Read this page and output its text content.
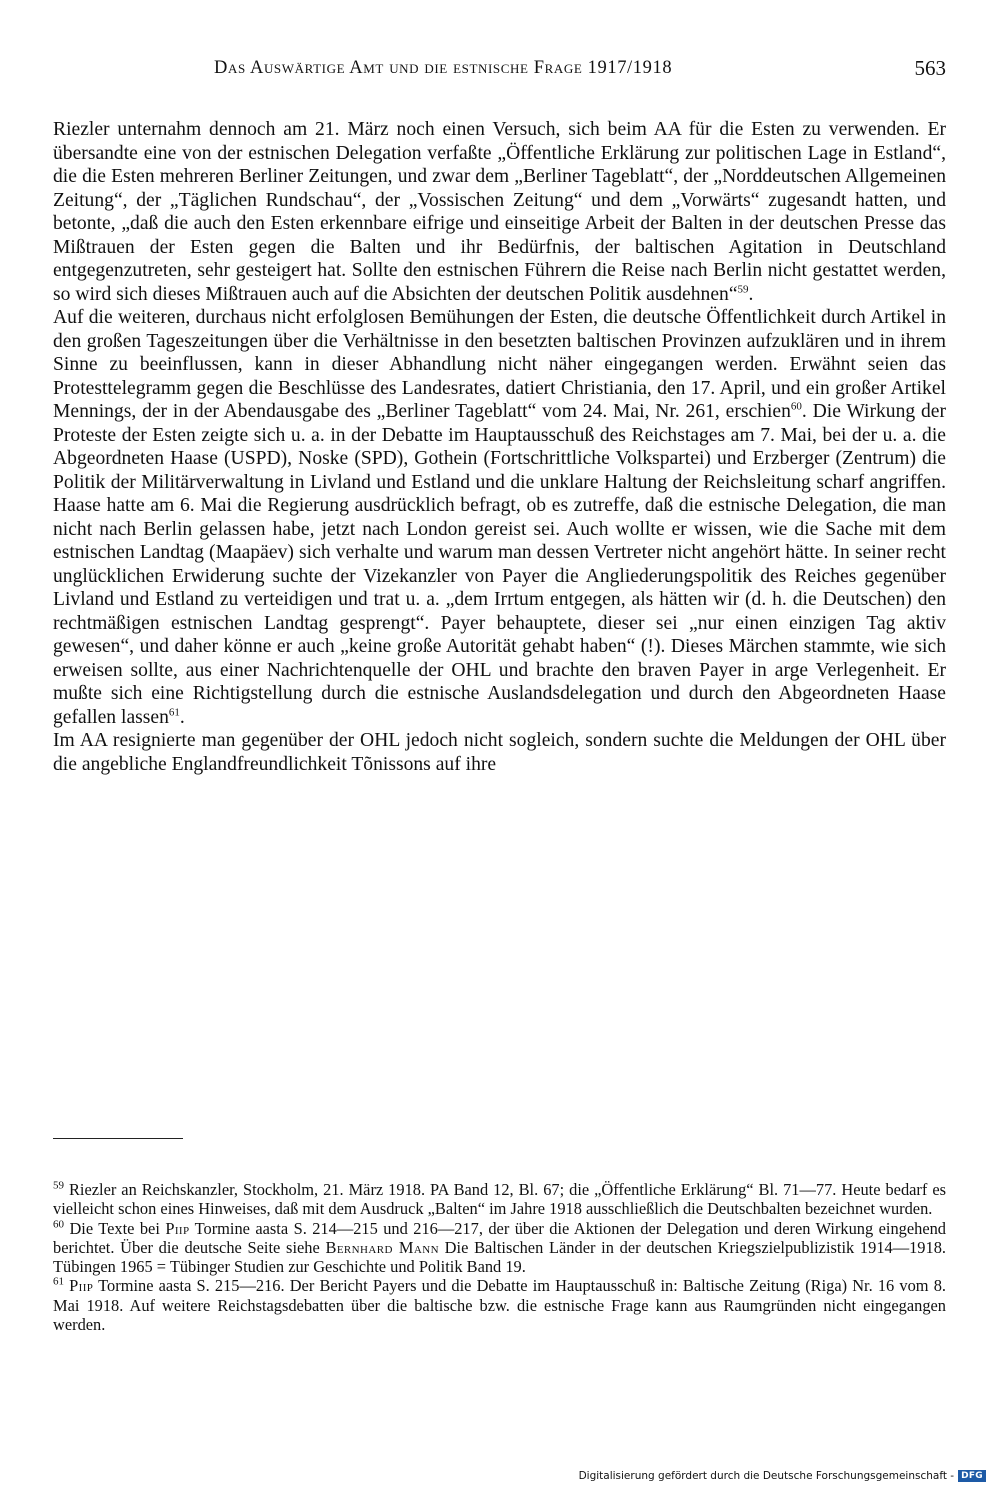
Das Auswärtige Amt und die estnische Frage 1917/1918	563

Riezler unternahm dennoch am 21. März noch einen Versuch, sich beim AA für die Esten zu verwenden. Er übersandte eine von der estnischen Delegation verfaßte „Öffentliche Erklärung zur politischen Lage in Estland“, die die Esten mehreren Berliner Zeitungen, und zwar dem „Berliner Tageblatt“, der „Norddeutschen Allgemeinen Zeitung“, der „Täglichen Rundschau“, der „Vossischen Zeitung“ und dem „Vorwärts“ zugesandt hatten, und betonte, „daß die auch den Esten erkennbare eifrige und einseitige Arbeit der Balten in der deutschen Presse das Mißtrauen der Esten gegen die Balten und ihr Bedürfnis, der baltischen Agitation in Deutschland entgegenzutreten, sehr gesteigert hat. Sollte den estnischen Führern die Reise nach Berlin nicht gestattet werden, so wird sich dieses Mißtrauen auch auf die Absichten der deutschen Politik ausdehnen“$^{59}$.

Auf die weiteren, durchaus nicht erfolglosen Bemühungen der Esten, die deutsche Öffentlichkeit durch Artikel in den großen Tageszeitungen über die Verhältnisse in den besetzten baltischen Provinzen aufzuklären und in ihrem Sinne zu beeinflussen, kann in dieser Abhandlung nicht näher eingegangen werden. Erwähnt seien das Protesttelegramm gegen die Beschlüsse des Landesrates, datiert Christiania, den 17. April, und ein großer Artikel Mennings, der in der Abendausgabe des „Berliner Tageblatt“ vom 24. Mai, Nr. 261, erschien$^{60}$. Die Wirkung der Proteste der Esten zeigte sich u. a. in der Debatte im Hauptausschuß des Reichstages am 7. Mai, bei der u. a. die Abgeordneten Haase (USPD), Noske (SPD), Gothein (Fortschrittliche Volkspartei) und Erzberger (Zentrum) die Politik der Militärverwaltung in Livland und Estland und die unklare Haltung der Reichsleitung scharf angriffen. Haase hatte am 6. Mai die Regierung ausdrücklich befragt, ob es zutreffe, daß die estnische Delegation, die man nicht nach Berlin gelassen habe, jetzt nach London gereist sei. Auch wollte er wissen, wie die Sache mit dem estnischen Landtag (Maapäev) sich verhalte und warum man dessen Vertreter nicht angehört hätte. In seiner recht unglücklichen Erwiderung suchte der Vizekanzler von Payer die Angliederungspolitik des Reiches gegenüber Livland und Estland zu verteidigen und trat u. a. „dem Irrtum entgegen, als hätten wir (d. h. die Deutschen) den rechtmäßigen estnischen Landtag gesprengt“. Payer behauptete, dieser sei „nur einen einzigen Tag aktiv gewesen“, und daher könne er auch „keine große Autorität gehabt haben“ (!). Dieses Märchen stammte, wie sich erweisen sollte, aus einer Nachrichtenquelle der OHL und brachte den braven Payer in arge Verlegenheit. Er mußte sich eine Richtigstellung durch die estnische Auslandsdelegation und durch den Abgeordneten Haase gefallen lassen$^{61}$.

Im AA resignierte man gegenüber der OHL jedoch nicht sogleich, sondern suchte die Meldungen der OHL über die angebliche Englandfreundlichkeit Tõnissons auf ihre

$^{59}$ Riezler an Reichskanzler, Stockholm, 21. März 1918. PA Band 12, Bl. 67; die „Öffentliche Erklärung“ Bl. 71—77. Heute bedarf es vielleicht schon eines Hinweises, daß mit dem Ausdruck „Balten“ im Jahre 1918 ausschließlich die Deutschbalten bezeichnet wurden.

$^{60}$ Die Texte bei Piip Tormine aasta S. 214—215 und 216—217, der über die Aktionen der Delegation und deren Wirkung eingehend berichtet. Über die deutsche Seite siehe Bernhard Mann Die Baltischen Länder in der deutschen Kriegszielpublizistik 1914—1918. Tübingen 1965 = Tübinger Studien zur Geschichte und Politik Band 19.

$^{61}$ Piip Tormine aasta S. 215—216. Der Bericht Payers und die Debatte im Hauptausschuß in: Baltische Zeitung (Riga) Nr. 16 vom 8. Mai 1918. Auf weitere Reichstagsdebatten über die baltische bzw. die estnische Frage kann aus Raumgründen nicht eingegangen werden.

Digitalisierung gefördert durch die Deutsche Forschungsgemeinschaft - DFG
